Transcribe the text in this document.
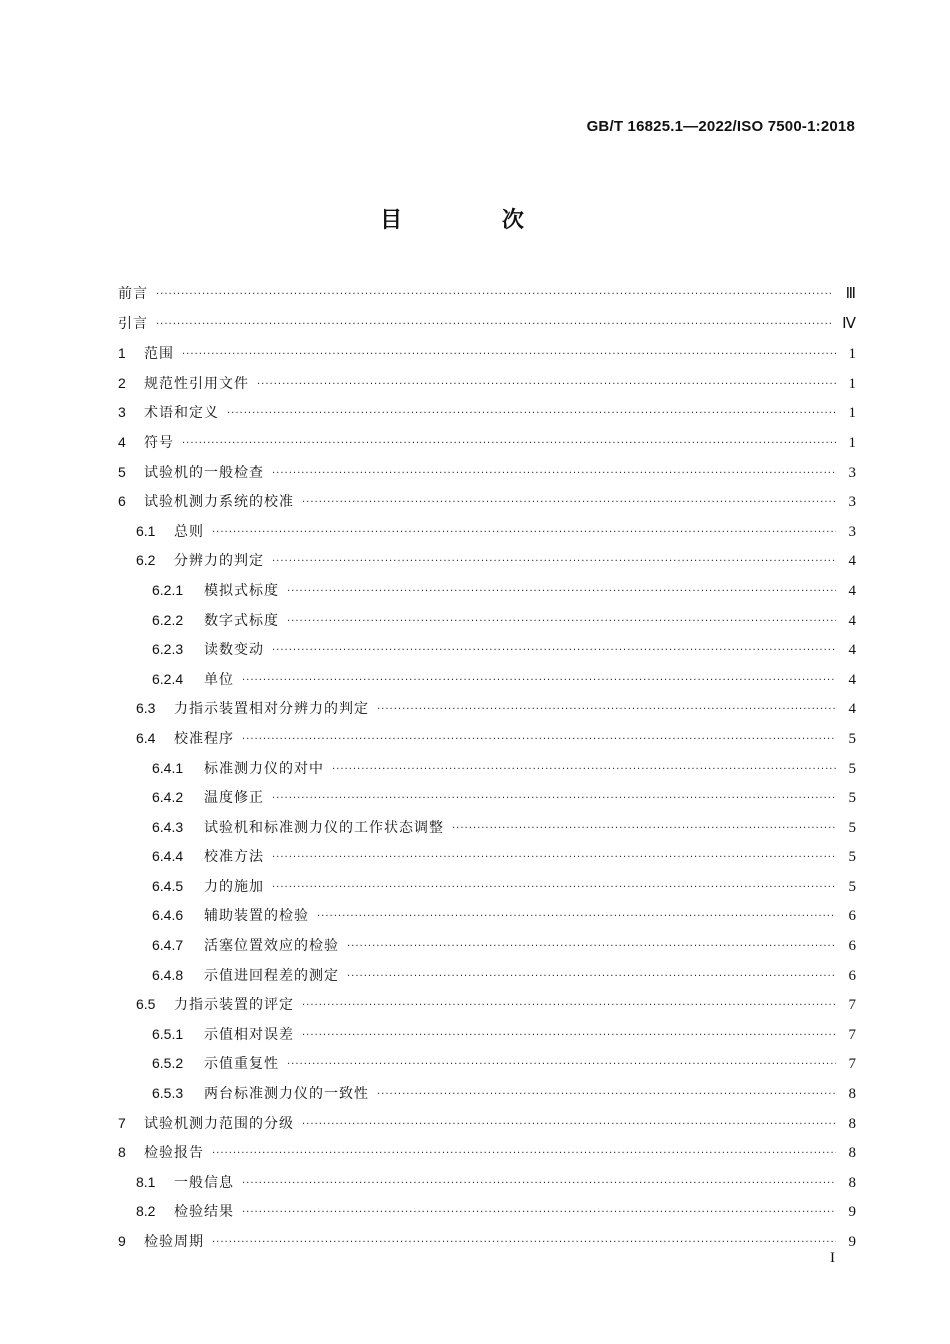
GB/T 16825.1—2022/ISO 7500-1:2018
目 次
前言 ·····	Ⅲ
引言 ·····	Ⅳ
1	范围 ·····	1
2	规范性引用文件 ·····	1
3	术语和定义 ·····	1
4	符号 ·····	1
5	试验机的一般检查 ·····	3
6	试验机测力系统的校准 ·····	3
6.1	总则 ·····	3
6.2	分辨力的判定 ·····	4
6.2.1	模拟式标度 ·····	4
6.2.2	数字式标度 ·····	4
6.2.3	读数变动 ·····	4
6.2.4	单位 ·····	4
6.3	力指示装置相对分辨力的判定 ·····	4
6.4	校准程序 ·····	5
6.4.1	标准测力仪的对中 ·····	5
6.4.2	温度修正 ·····	5
6.4.3	试验机和标准测力仪的工作状态调整 ·····	5
6.4.4	校准方法 ·····	5
6.4.5	力的施加 ·····	5
6.4.6	辅助装置的检验 ·····	6
6.4.7	活塞位置效应的检验 ·····	6
6.4.8	示值进回程差的测定 ·····	6
6.5	力指示装置的评定 ·····	7
6.5.1	示值相对误差 ·····	7
6.5.2	示值重复性 ·····	7
6.5.3	两台标准测力仪的一致性 ·····	8
7	试验机测力范围的分级 ·····	8
8	检验报告 ·····	8
8.1	一般信息 ·····	8
8.2	检验结果 ·····	9
9	检验周期 ·····	9
I
